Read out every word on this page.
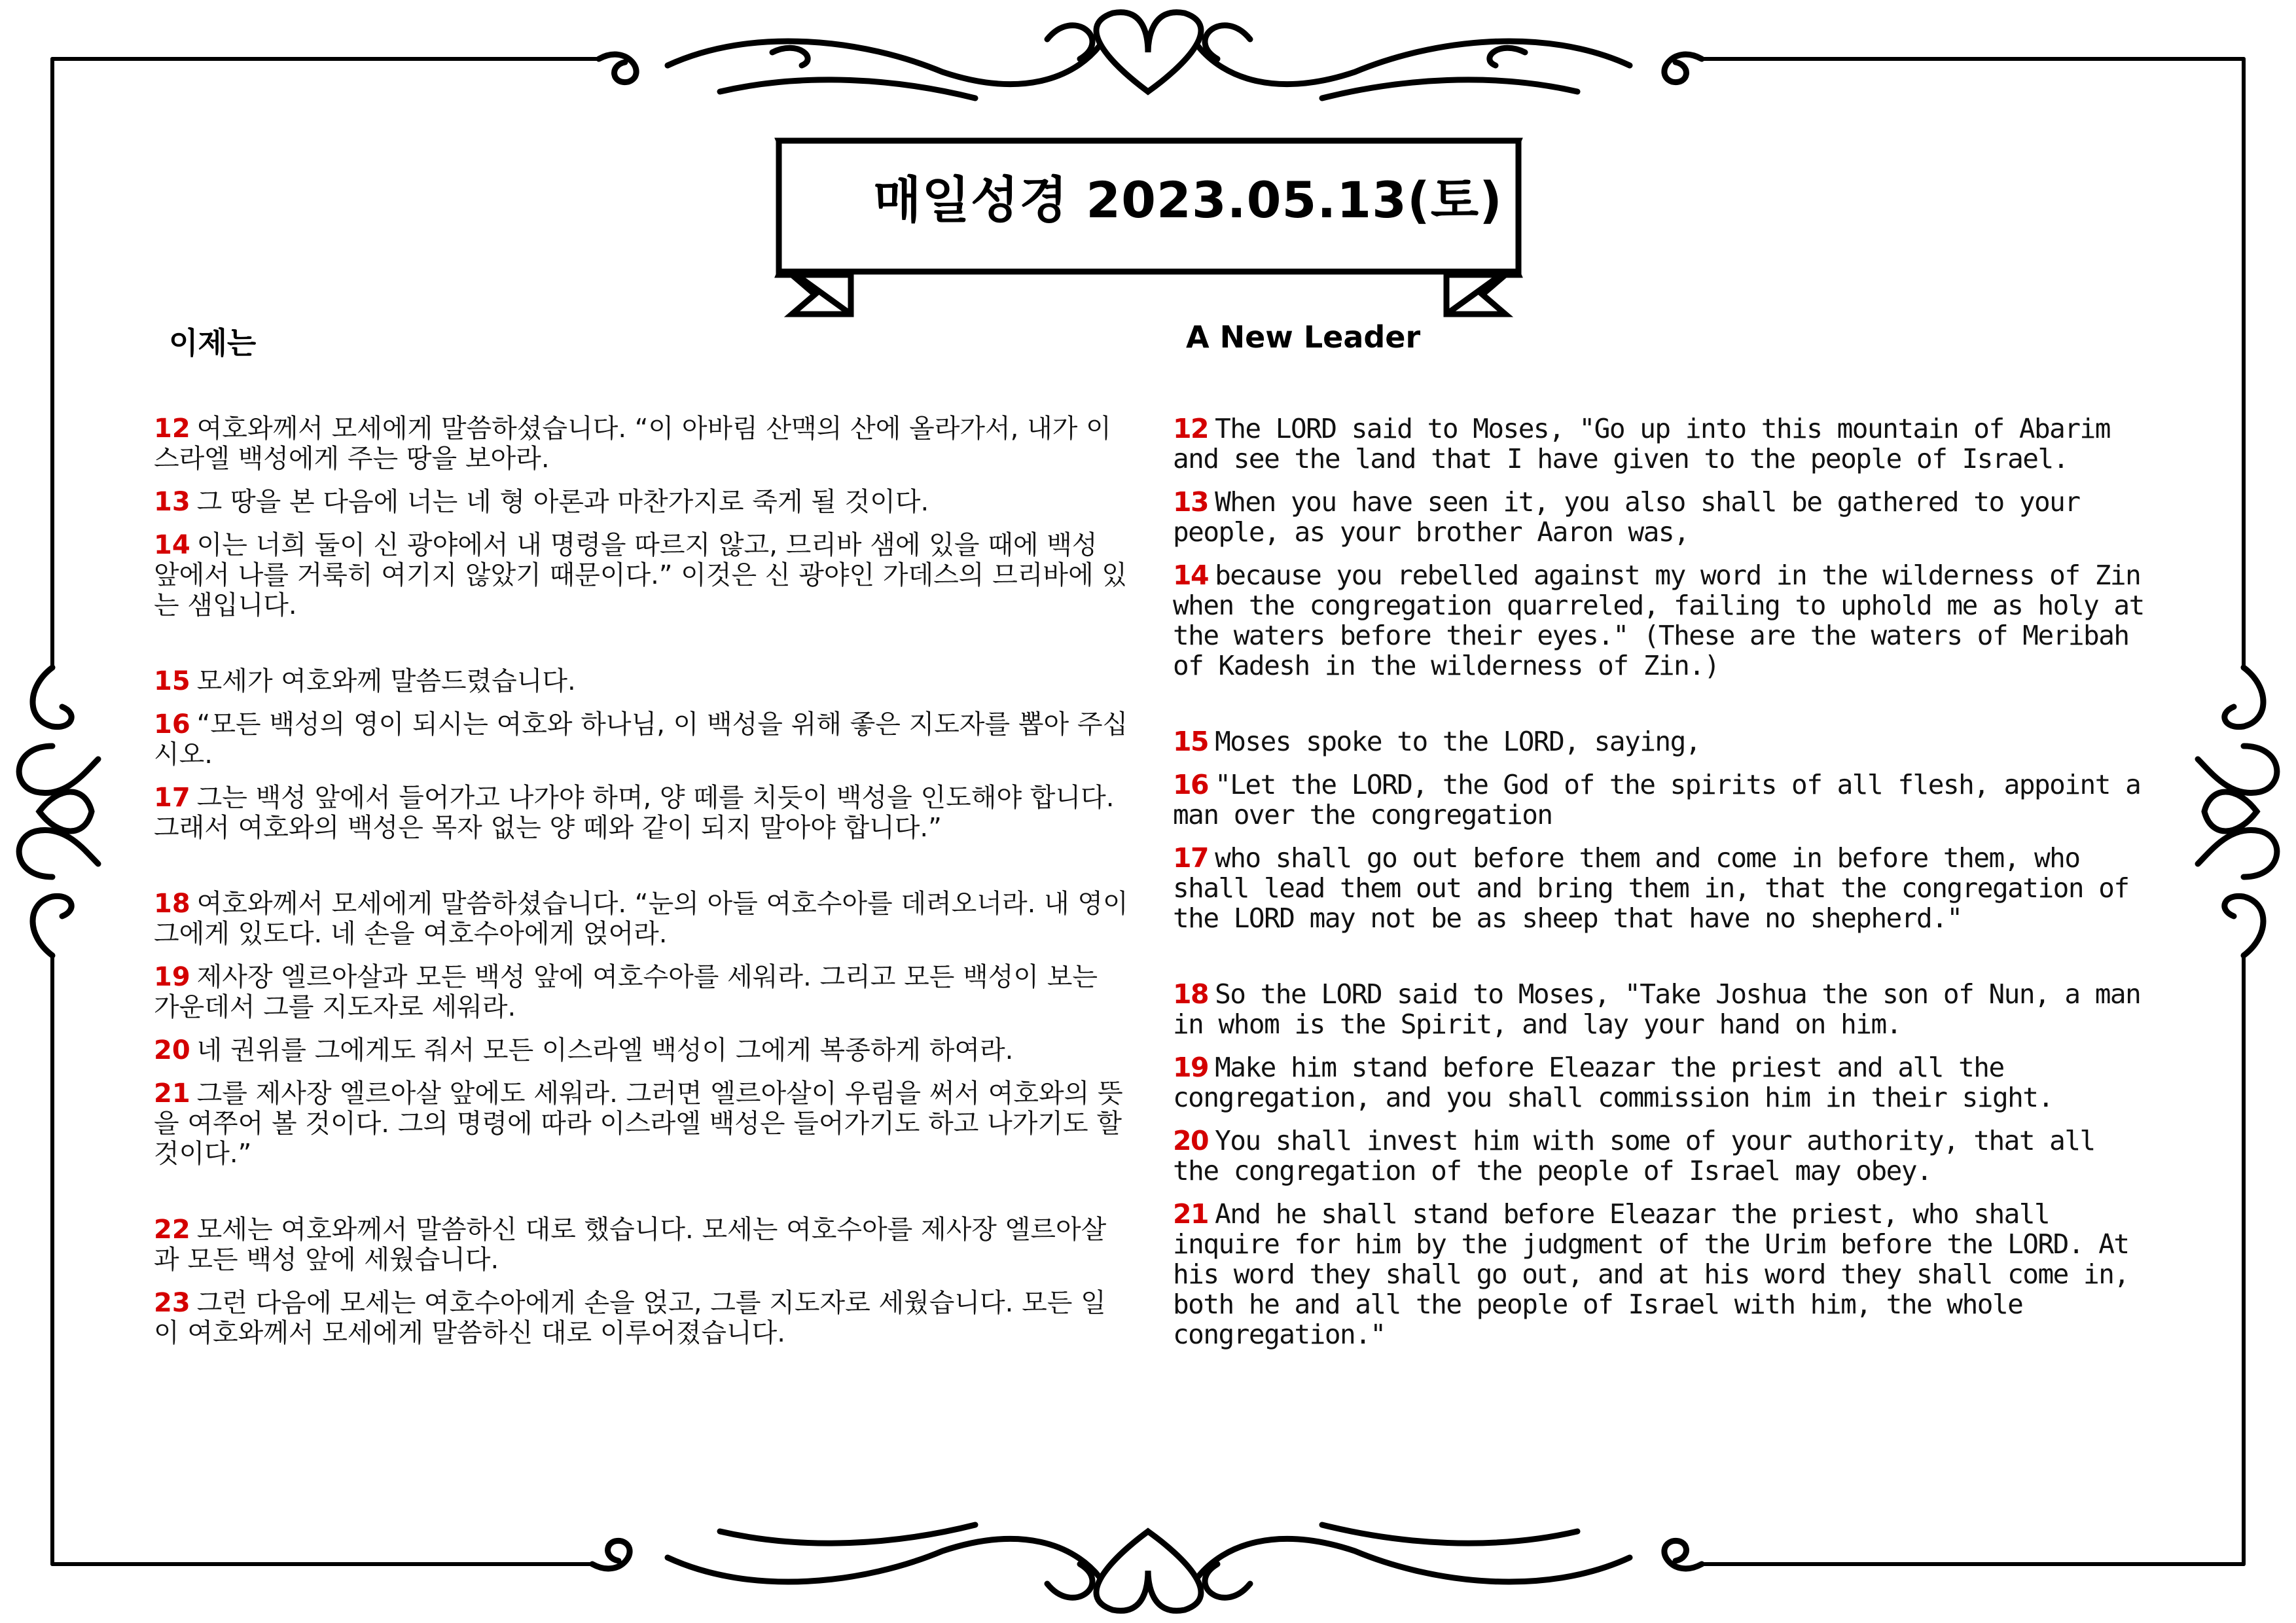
매일성경 2023.05.13(토)
이제는	A New Leader

12 여호와께서 모세에게 말씀하셨습니다. “이 아바림 산맥의 산에 올라가서, 내가 이스라엘 백성에게 주는 땅을 보아라.

13 그 땅을 본 다음에 너는 네 형 아론과 마찬가지로 죽게 될 것이다.

14 이는 너희 둘이 신 광야에서 내 명령을 따르지 않고, 므리바 샘에 있을 때에 백성 앞에서 나를 거룩히 여기지 않았기 때문이다.” 이것은 신 광야인 가데스의 므리바에 있는 샘입니다.

15 모세가 여호와께 말씀드렸습니다.

16 “모든 백성의 영이 되시는 여호와 하나님, 이 백성을 위해 좋은 지도자를 뽑아 주십시오.

17 그는 백성 앞에서 들어가고 나가야 하며, 양 떼를 치듯이 백성을 인도해야 합니다. 그래서 여호와의 백성은 목자 없는 양 떼와 같이 되지 말아야 합니다.”

18 여호와께서 모세에게 말씀하셨습니다. “눈의 아들 여호수아를 데려오너라. 내 영이 그에게 있도다. 네 손을 여호수아에게 얹어라.

19 제사장 엘르아살과 모든 백성 앞에 여호수아를 세워라. 그리고 모든 백성이 보는 가운데서 그를 지도자로 세워라.

20 네 권위를 그에게도 줘서 모든 이스라엘 백성이 그에게 복종하게 하여라.

21 그를 제사장 엘르아살 앞에도 세워라. 그러면 엘르아살이 우림을 써서 여호와의 뜻을 여쭈어 볼 것이다. 그의 명령에 따라 이스라엘 백성은 들어가기도 하고 나가기도 할 것이다.”

22 모세는 여호와께서 말씀하신 대로 했습니다. 모세는 여호수아를 제사장 엘르아살과 모든 백성 앞에 세웠습니다.

23 그런 다음에 모세는 여호수아에게 손을 얹고, 그를 지도자로 세웠습니다. 모든 일이 여호와께서 모세에게 말씀하신 대로 이루어졌습니다.

12 The LORD said to Moses, "Go up into this mountain of Abarim and see the land that I have given to the people of Israel.

13 When you have seen it, you also shall be gathered to your people, as your brother Aaron was,

14 because you rebelled against my word in the wilderness of Zin when the congregation quarreled, failing to uphold me as holy at the waters before their eyes." (These are the waters of Meribah of Kadesh in the wilderness of Zin.)

15 Moses spoke to the LORD, saying,

16 "Let the LORD, the God of the spirits of all flesh, appoint a man over the congregation

17 who shall go out before them and come in before them, who shall lead them out and bring them in, that the congregation of the LORD may not be as sheep that have no shepherd."

18 So the LORD said to Moses, "Take Joshua the son of Nun, a man in whom is the Spirit, and lay your hand on him.

19 Make him stand before Eleazar the priest and all the congregation, and you shall commission him in their sight.

20 You shall invest him with some of your authority, that all the congregation of the people of Israel may obey.

21 And he shall stand before Eleazar the priest, who shall inquire for him by the judgment of the Urim before the LORD. At his word they shall go out, and at his word they shall come in, both he and all the people of Israel with him, the whole congregation."
